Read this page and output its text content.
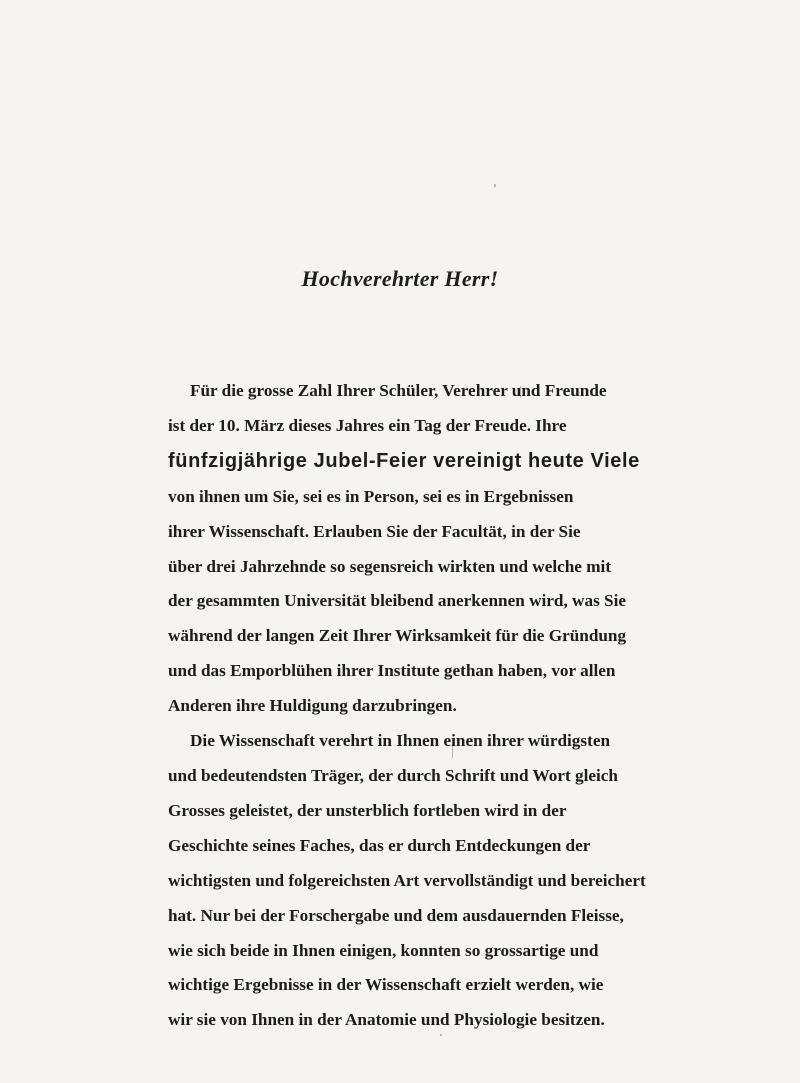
Hochverehrter Herr!

Für die grosse Zahl Ihrer Schüler, Verehrer und Freunde
ist der 10. März dieses Jahres ein Tag der Freude. Ihre
fünfzigjährige Jubel-Feier vereinigt heute Viele
von ihnen um Sie, sei es in Person, sei es in Ergebnissen
ihrer Wissenschaft. Erlauben Sie der Facultät, in der Sie
über drei Jahrzehnde so segensreich wirkten und welche mit
der gesammten Universität bleibend anerkennen wird, was Sie
während der langen Zeit Ihrer Wirksamkeit für die Gründung
und das Emporblühen ihrer Institute gethan haben, vor allen
Anderen ihre Huldigung darzubringen.

Die Wissenschaft verehrt in Ihnen einen ihrer würdigsten
und bedeutendsten Träger, der durch Schrift und Wort gleich
Grosses geleistet, der unsterblich fortleben wird in der
Geschichte seines Faches, das er durch Entdeckungen der
wichtigsten und folgereichsten Art vervollständigt und bereichert
hat. Nur bei der Forschergabe und dem ausdauernden Fleisse,
wie sich beide in Ihnen einigen, konnten so grossartige und
wichtige Ergebnisse in der Wissenschaft erzielt werden, wie
wir sie von Ihnen in der Anatomie und Physiologie besitzen.
